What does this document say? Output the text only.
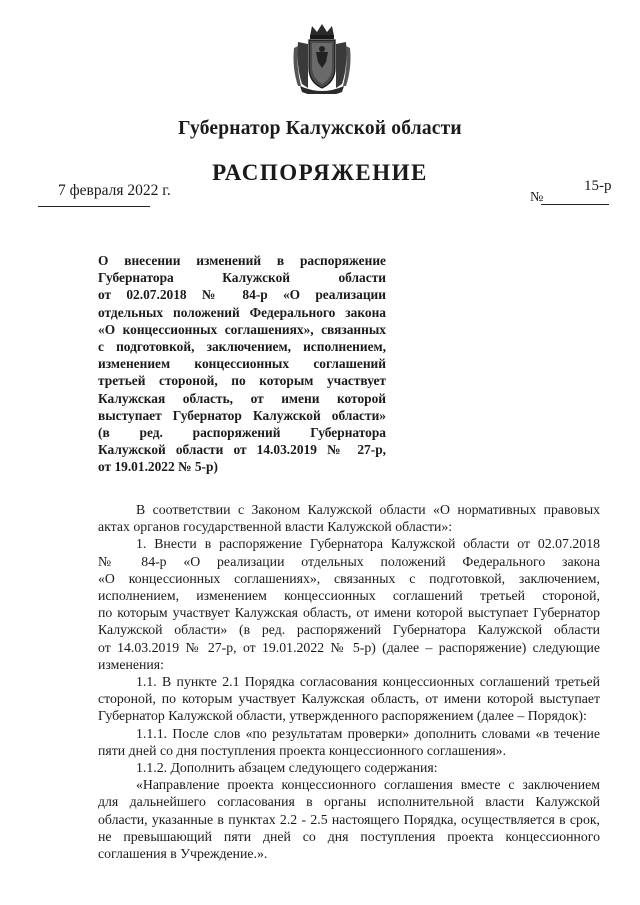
Губернатор Калужской области
РАСПОРЯЖЕНИЕ
7 февраля 2022 г.	№
15-р
О внесении изменений в распоряжение
Губернатора Калужской области
от 02.07.2018 № 84-р «О реализации
отдельных положений Федерального закона
«О концессионных соглашениях», связанных
с подготовкой, заключением, исполнением,
изменением концессионных соглашений
третьей стороной, по которым участвует
Калужская область, от имени которой
выступает Губернатор Калужской области»
(в ред. распоряжений Губернатора
Калужской области от 14.03.2019 № 27-р,
от 19.01.2022 № 5-р)
В соответствии с Законом Калужской области «О нормативных правовых
актах органов государственной власти Калужской области»:
1. Внести в распоряжение Губернатора Калужской области от 02.07.2018
№ 84-р «О реализации отдельных положений Федерального закона
«О концессионных соглашениях», связанных с подготовкой, заключением,
исполнением, изменением концессионных соглашений третьей стороной,
по которым участвует Калужская область, от имени которой выступает Губернатор
Калужской области» (в ред. распоряжений Губернатора Калужской области
от 14.03.2019 № 27-р, от 19.01.2022 № 5-р) (далее – распоряжение) следующие
изменения:
1.1. В пункте 2.1 Порядка согласования концессионных соглашений третьей
стороной, по которым участвует Калужская область, от имени которой выступает
Губернатор Калужской области, утвержденного распоряжением (далее – Порядок):
1.1.1. После слов «по результатам проверки» дополнить словами «в течение
пяти дней со дня поступления проекта концессионного соглашения».
1.1.2. Дополнить абзацем следующего содержания:
«Направление проекта концессионного соглашения вместе с заключением
для дальнейшего согласования в органы исполнительной власти Калужской
области, указанные в пунктах 2.2 - 2.5 настоящего Порядка, осуществляется в срок,
не превышающий пяти дней со дня поступления проекта концессионного
соглашения в Учреждение.».
